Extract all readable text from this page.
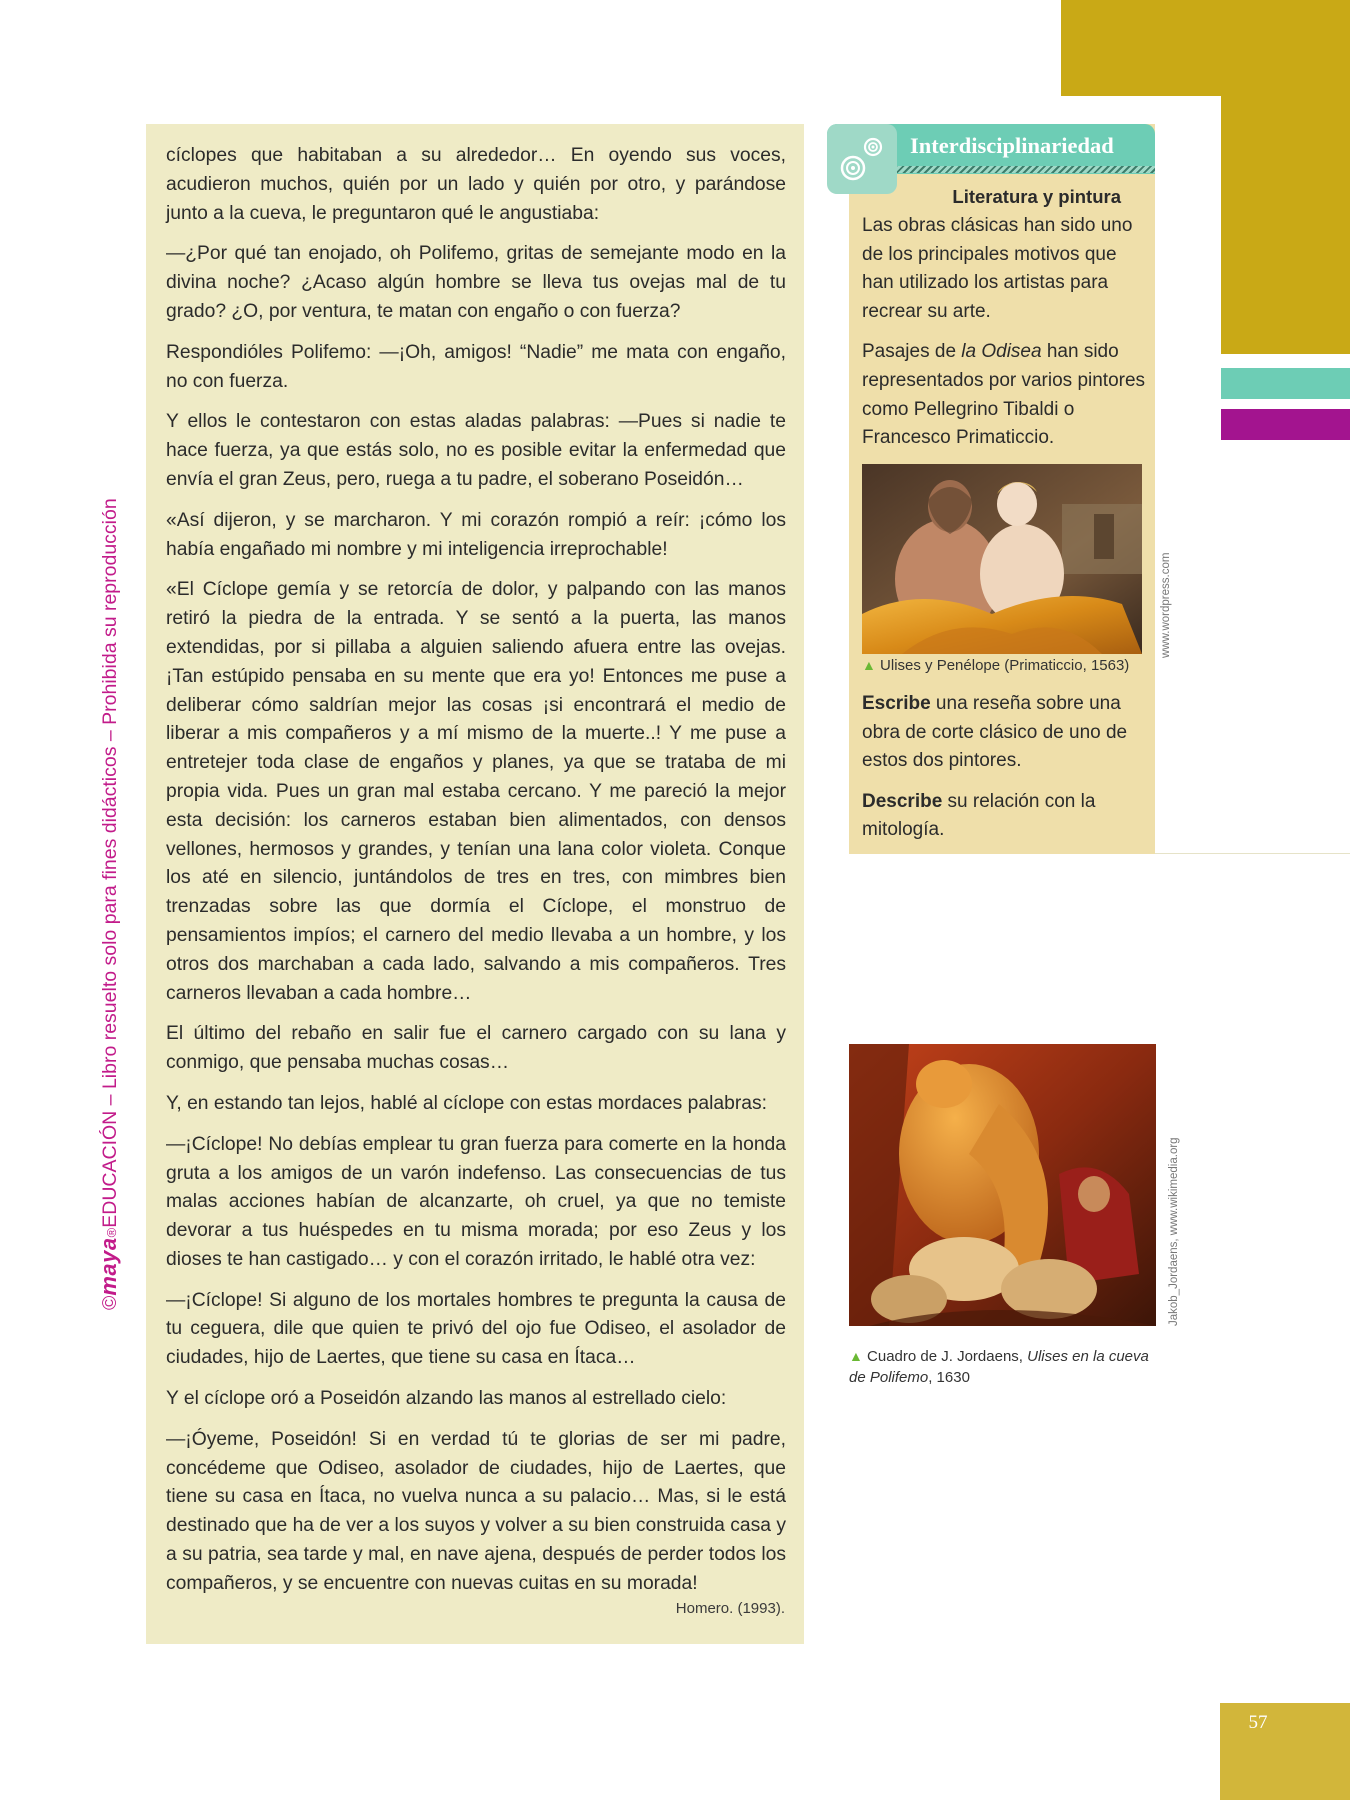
57
©maya®EDUCACIÓN – Libro resuelto solo para fines didácticos – Prohibida su reproducción

cíclopes que habitaban a su alrededor… En oyendo sus voces, acudieron muchos, quién por un lado y quién por otro, y parándose junto a la cueva, le preguntaron qué le angustiaba:

—¿Por qué tan enojado, oh Polifemo, gritas de semejante modo en la divina noche? ¿Acaso algún hombre se lleva tus ovejas mal de tu grado? ¿O, por ventura, te matan con engaño o con fuerza?

Respondióles Polifemo: —¡Oh, amigos! “Nadie” me mata con engaño, no con fuerza.

Y ellos le contestaron con estas aladas palabras: —Pues si nadie te hace fuerza, ya que estás solo, no es posible evitar la enfermedad que envía el gran Zeus, pero, ruega a tu padre, el soberano Poseidón…

«Así dijeron, y se marcharon. Y mi corazón rompió a reír: ¡cómo los había engañado mi nombre y mi inteligencia irreprochable!

«El Cíclope gemía y se retorcía de dolor, y palpando con las manos retiró la piedra de la entrada. Y se sentó a la puerta, las manos extendidas, por si pillaba a alguien saliendo afuera entre las ovejas. ¡Tan estúpido pensaba en su mente que era yo! Entonces me puse a deliberar cómo saldrían mejor las cosas ¡si encontrará el medio de liberar a mis compañeros y a mí mismo de la muerte..! Y me puse a entretejer toda clase de engaños y planes, ya que se trataba de mi propia vida. Pues un gran mal estaba cercano. Y me pareció la mejor esta decisión: los carneros estaban bien alimentados, con densos vellones, hermosos y grandes, y tenían una lana color violeta. Conque los até en silencio, juntándolos de tres en tres, con mimbres bien trenzadas sobre las que dormía el Cíclope, el monstruo de pensamientos impíos; el carnero del medio llevaba a un hombre, y los otros dos marchaban a cada lado, salvando a mis compañeros. Tres carneros llevaban a cada hombre…

El último del rebaño en salir fue el carnero cargado con su lana y conmigo, que pensaba muchas cosas…

Y, en estando tan lejos, hablé al cíclope con estas mordaces palabras:

—¡Cíclope! No debías emplear tu gran fuerza para comerte en la honda gruta a los amigos de un varón indefenso. Las consecuencias de tus malas acciones habían de alcanzarte, oh cruel, ya que no temiste devorar a tus huéspedes en tu misma morada; por eso Zeus y los dioses te han castigado… y con el corazón irritado, le hablé otra vez:

—¡Cíclope! Si alguno de los mortales hombres te pregunta la causa de tu ceguera, dile que quien te privó del ojo fue Odiseo, el asolador de ciudades, hijo de Laertes, que tiene su casa en Ítaca…

Y el cíclope oró a Poseidón alzando las manos al estrellado cielo:

—¡Óyeme, Poseidón! Si en verdad tú te glorias de ser mi padre, concédeme que Odiseo, asolador de ciudades, hijo de Laertes, que tiene su casa en Ítaca, no vuelva nunca a su palacio… Mas, si le está destinado que ha de ver a los suyos y volver a su bien construida casa y a su patria, sea tarde y mal, en nave ajena, después de perder todos los compañeros, y se encuentre con nuevas cuitas en su morada!

Homero. (1993).
Interdisciplinariedad
Literatura y pintura

Las obras clásicas han sido uno de los principales motivos que han utilizado los artistas para recrear su arte.

Pasajes de la Odisea han sido representados por varios pintores como Pellegrino Tibaldi o Francesco Primaticcio.

▲ Ulises y Penélope (Primaticcio, 1563)
www.wordpress.com

Escribe una reseña sobre una obra de corte clásico de uno de estos dos pintores.

Describe su relación con la mitología.

▲ Cuadro de J. Jordaens, Ulises en la cueva de Polifemo, 1630
Jakob_Jordaens, www.wikimedia.org
